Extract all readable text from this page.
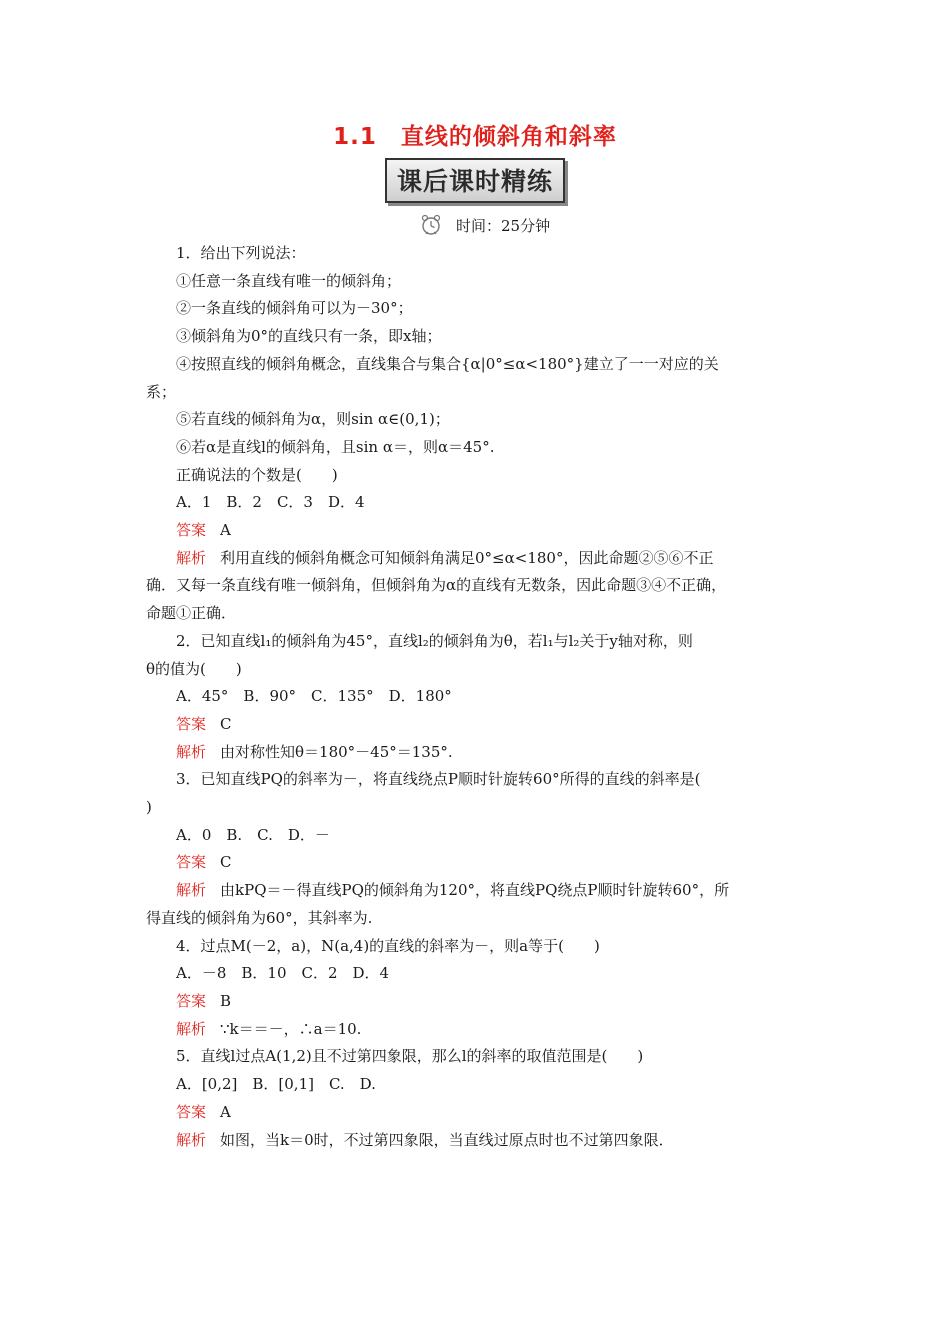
1.1　直线的倾斜角和斜率
课后课时精练
时间：25分钟
1．给出下列说法：
①任意一条直线有唯一的倾斜角；
②一条直线的倾斜角可以为－30°；
③倾斜角为0°的直线只有一条，即x轴；
④按照直线的倾斜角概念，直线集合与集合{α|0°≤α<180°}建立了一一对应的关
系；
⑤若直线的倾斜角为α，则sin α∈(0,1)；
⑥若α是直线l的倾斜角，且sin α＝，则α＝45°.
正确说法的个数是(　　)
A．1　B．2　C．3　D．4
答案 A
解析 利用直线的倾斜角概念可知倾斜角满足0°≤α<180°，因此命题②⑤⑥不正
确．又每一条直线有唯一倾斜角，但倾斜角为α的直线有无数条，因此命题③④不正确，
命题①正确．
2．已知直线l₁的倾斜角为45°，直线l₂的倾斜角为θ，若l₁与l₂关于y轴对称，则
θ的值为(　　)
A．45°　B．90°　C．135°　D．180°
答案 C
解析 由对称性知θ＝180°－45°＝135°.
3．已知直线PQ的斜率为－，将直线绕点P顺时针旋转60°所得的直线的斜率是(
)
A．0　B.　C.　D．－
答案 C
解析 由kPQ＝－得直线PQ的倾斜角为120°，将直线PQ绕点P顺时针旋转60°，所
得直线的倾斜角为60°，其斜率为.
4．过点M(－2，a)，N(a,4)的直线的斜率为－，则a等于(　　)
A．－8　B．10　C．2　D．4
答案 B
解析 ∵k＝＝－，∴a＝10.
5．直线l过点A(1,2)且不过第四象限，那么l的斜率的取值范围是(　　)
A．[0,2]　B．[0,1]　C.　D.
答案 A
解析 如图，当k＝0时，不过第四象限，当直线过原点时也不过第四象限．
